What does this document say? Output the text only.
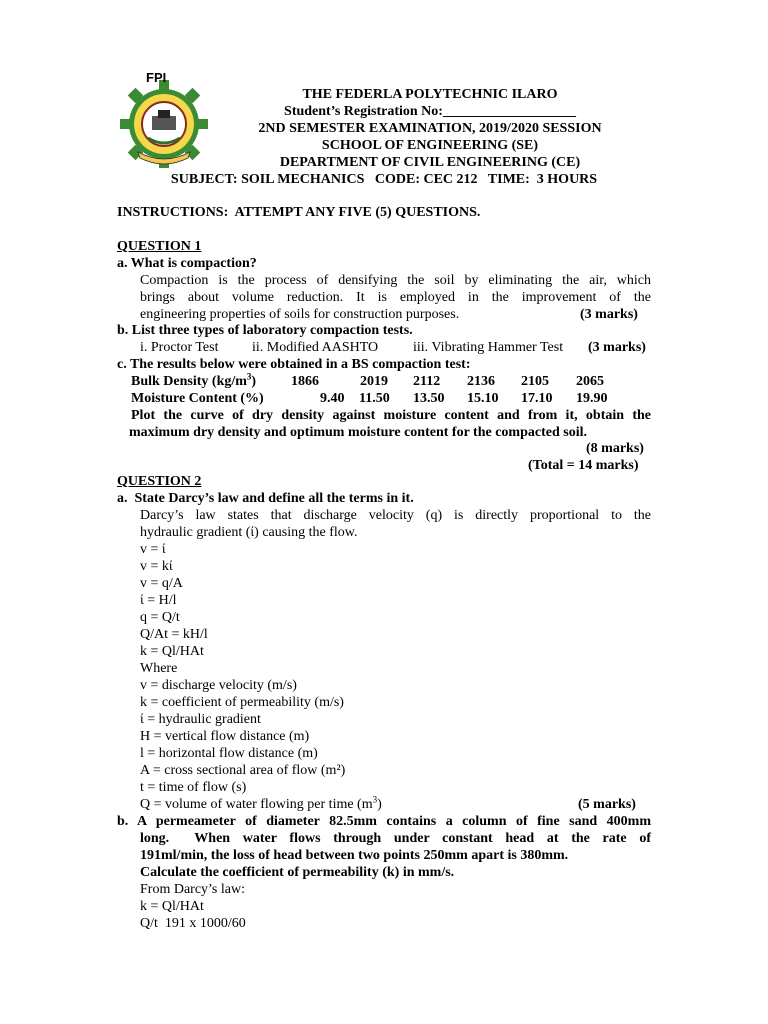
FPI
THE FEDERLA POLYTECHNIC ILARO
Student’s Registration No:___________________
2ND SEMESTER EXAMINATION, 2019/2020 SESSION
SCHOOL OF ENGINEERING (SE)
DEPARTMENT OF CIVIL ENGINEERING (CE)
SUBJECT: SOIL MECHANICS   CODE: CEC 212   TIME:  3 HOURS
INSTRUCTIONS:  ATTEMPT ANY FIVE (5) QUESTIONS.
QUESTION 1
a. What is compaction?
Compaction is the process of densifying the soil by eliminating the air, which
brings about volume reduction. It is employed in the improvement of the
engineering properties of soils for construction purposes.	(3 marks)
b. List three types of laboratory compaction tests.
i. Proctor Test ii. Modified AASHTO iii. Vibrating Hammer Test (3 marks)
c. The results below were obtained in a BS compaction test:
Bulk Density $(kg/m^3)$ 1866	2019 2112 2136 2105 2065
Moisture Content (%)	9.40 11.50 13.50 15.10 17.10 19.90
Plot the curve of dry density against moisture content and from it, obtain the
maximum dry density and optimum moisture content for the compacted soil.
(8 marks)
(Total = 14 marks)
QUESTION 2
a.  State Darcy’s law and define all the terms in it.
Darcy’s law states that discharge velocity (q) is directly proportional to the
hydraulic gradient (ί) causing the flow.
v = ί
v = kί
v = q/A
ί = H/l
q = Q/t
Q/At = kH/l
k = Ql/HAt
Where
v = discharge velocity (m/s)
k = coefficient of permeability (m/s)
ί = hydraulic gradient
H = vertical flow distance (m)
l = horizontal flow distance (m)
A = cross sectional area of flow (m²)
t = time of flow (s)
Q = volume of water flowing per time $(m^3)$	(5 marks)
b. A permeameter of diameter 82.5mm contains a column of fine sand 400mm
long.  When water flows through under constant head at the rate of
191ml/min, the loss of head between two points 250mm apart is 380mm.
Calculate the coefficient of permeability (k) in mm/s.
From Darcy’s law:
k = Ql/HAt
Q/t  191 x 1000/60
